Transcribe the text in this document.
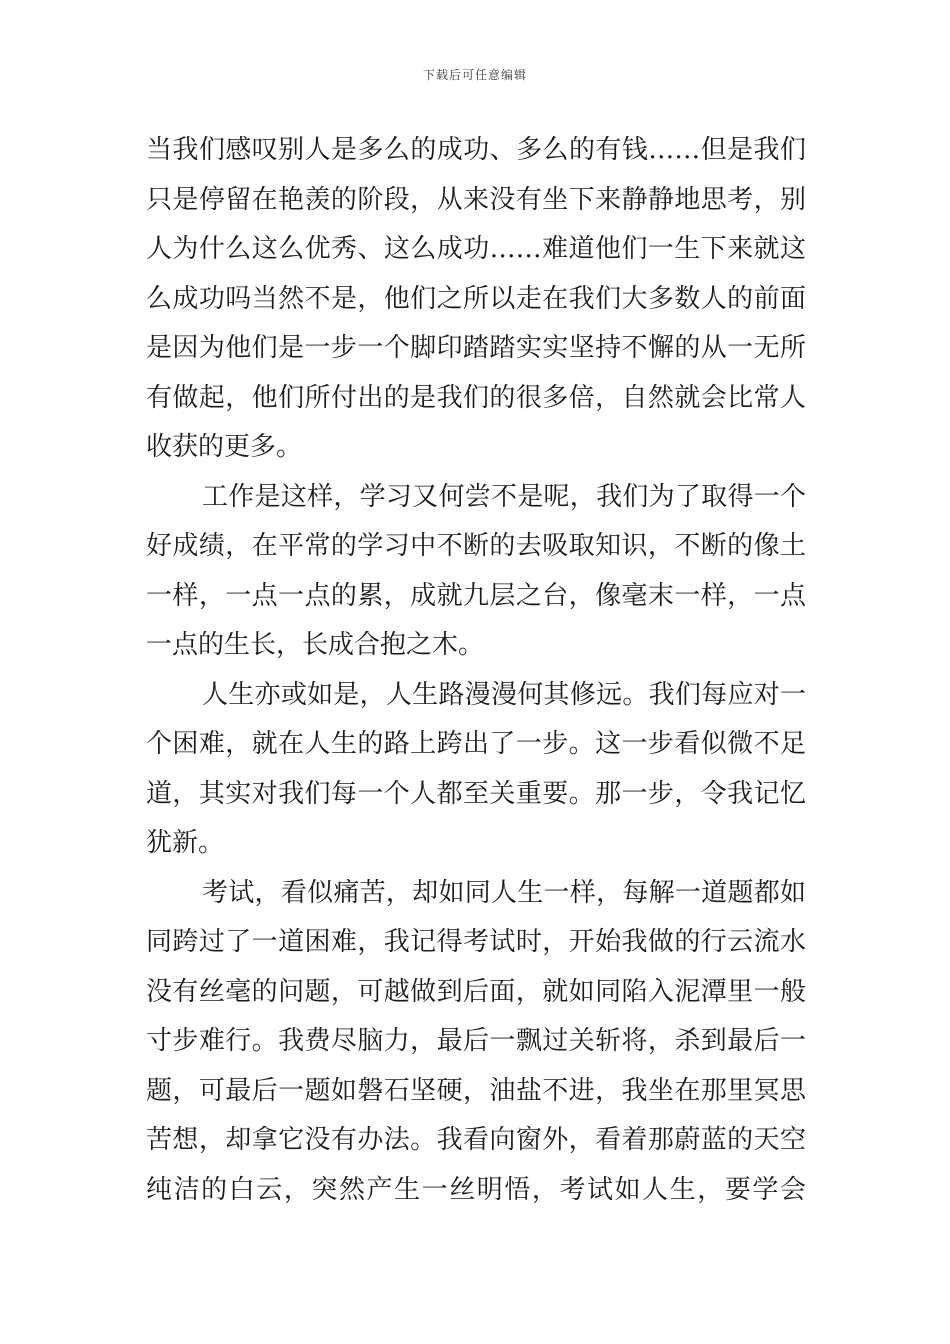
下载后可任意编辑
当我们感叹别人是多么的成功、多么的有钱……但是我们
只是停留在艳羡的阶段，从来没有坐下来静静地思考，别
人为什么这么优秀、这么成功……难道他们一生下来就这
么成功吗当然不是，他们之所以走在我们大多数人的前面
是因为他们是一步一个脚印踏踏实实坚持不懈的从一无所
有做起，他们所付出的是我们的很多倍，自然就会比常人
收获的更多。
工作是这样，学习又何尝不是呢，我们为了取得一个
好成绩，在平常的学习中不断的去吸取知识，不断的像土
一样，一点一点的累，成就九层之台，像毫末一样，一点
一点的生长，长成合抱之木。
人生亦或如是，人生路漫漫何其修远。我们每应对一
个困难，就在人生的路上跨出了一步。这一步看似微不足
道，其实对我们每一个人都至关重要。那一步，令我记忆
犹新。
考试，看似痛苦，却如同人生一样，每解一道题都如
同跨过了一道困难，我记得考试时，开始我做的行云流水
没有丝毫的问题，可越做到后面，就如同陷入泥潭里一般
寸步难行。我费尽脑力，最后一飘过关斩将，杀到最后一
题，可最后一题如磐石坚硬，油盐不进，我坐在那里冥思
苦想，却拿它没有办法。我看向窗外，看着那蔚蓝的天空
纯洁的白云，突然产生一丝明悟，考试如人生，要学会
